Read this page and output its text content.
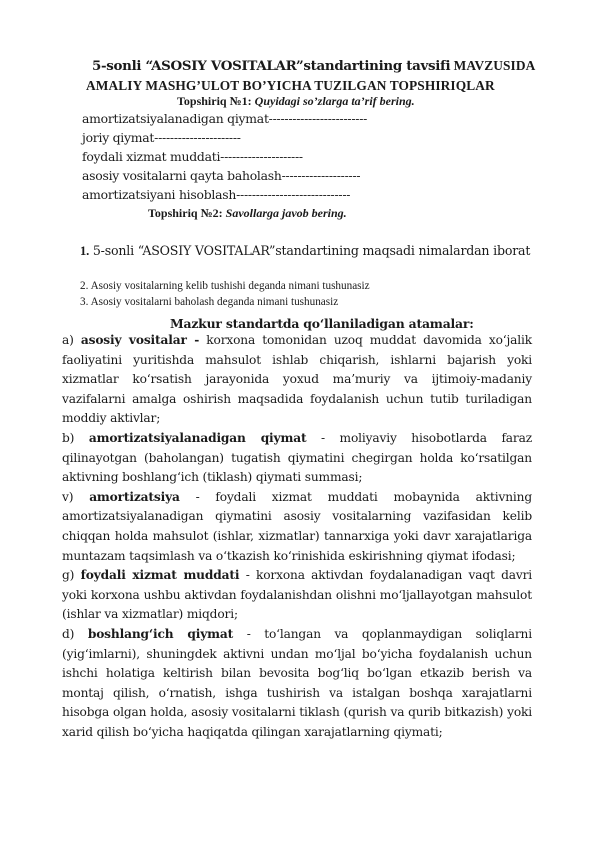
5-sonli “ASOSIY VOSITALAR”standartining tavsifi MAVZUSIDA
AMALIY MASHG’ULOT BO’YICHA TUZILGAN TOPSHIRIQLAR
Topshiriq №1: Quyidagi so’zlarga ta’rif bering.
amortizatsiyalanadigan qiymat-------------------------
joriy qiymat----------------------
foydali xizmat muddati---------------------
asosiy vositalarni qayta baholash--------------------
amortizatsiyani hisoblash-----------------------------
Topshiriq №2: Savollarga javob bering.
1. 5-sonli “ASOSIY VOSITALAR”standartining maqsadi nimalardan iborat
2. Asosiy vositalarning kelib tushishi deganda nimani tushunasiz
3. Asosiy vositalarni baholash deganda nimani tushunasiz
Mazkur standartda qo‘llaniladigan atamalar:

a) asosiy vositalar - korxona tomonidan uzoq muddat davomida xo‘jalik faoliyatini yuritishda mahsulot ishlab chiqarish, ishlarni bajarish yoki xizmatlar ko‘rsatish jarayonida yoxud ma’muriy va ijtimoiy-madaniy vazifalarni amalga oshirish maqsadida foydalanish uchun tutib turiladigan moddiy aktivlar;

b) amortizatsiyalanadigan qiymat - moliyaviy hisobotlarda faraz qilinayotgan (baholangan) tugatish qiymatini chegirgan holda ko‘rsatilgan aktivning boshlang‘ich (tiklash) qiymati summasi;

v) amortizatsiya - foydali xizmat muddati mobaynida aktivning amortizatsiyalanadigan qiymatini asosiy vositalarning vazifasidan kelib chiqqan holda mahsulot (ishlar, xizmatlar) tannarxiga yoki davr xarajatlariga muntazam taqsimlash va o‘tkazish ko‘rinishida eskirishning qiymat ifodasi;

g) foydali xizmat muddati - korxona aktivdan foydalanadigan vaqt davri yoki korxona ushbu aktivdan foydalanishdan olishni mo‘ljallayotgan mahsulot (ishlar va xizmatlar) miqdori;

d) boshlang‘ich qiymat - to‘langan va qoplanmaydigan soliqlarni (yig‘imlarni), shuningdek aktivni undan mo‘ljal bo‘yicha foydalanish uchun ishchi holatiga keltirish bilan bevosita bog‘liq bo‘lgan etkazib berish va montaj qilish, o‘rnatish, ishga tushirish va istalgan boshqa xarajatlarni hisobga olgan holda, asosiy vositalarni tiklash (qurish va qurib bitkazish) yoki xarid qilish bo‘yicha haqiqatda qilingan xarajatlarning qiymati;
